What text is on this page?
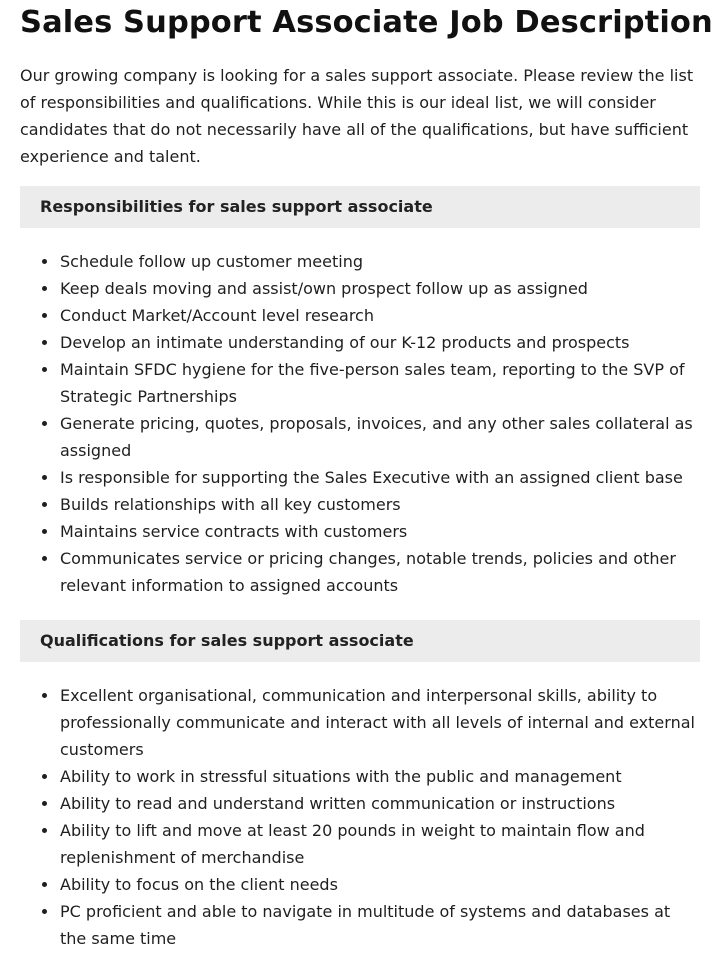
Sales Support Associate Job Description

Our growing company is looking for a sales support associate. Please review the list of responsibilities and qualifications. While this is our ideal list, we will consider candidates that do not necessarily have all of the qualifications, but have sufficient experience and talent.

Responsibilities for sales support associate
Schedule follow up customer meeting
Keep deals moving and assist/own prospect follow up as assigned
Conduct Market/Account level research
Develop an intimate understanding of our K-12 products and prospects
Maintain SFDC hygiene for the five-person sales team, reporting to the SVP of Strategic Partnerships
Generate pricing, quotes, proposals, invoices, and any other sales collateral as assigned
Is responsible for supporting the Sales Executive with an assigned client base
Builds relationships with all key customers
Maintains service contracts with customers
Communicates service or pricing changes, notable trends, policies and other relevant information to assigned accounts
Qualifications for sales support associate
Excellent organisational, communication and interpersonal skills, ability to professionally communicate and interact with all levels of internal and external customers
Ability to work in stressful situations with the public and management
Ability to read and understand written communication or instructions
Ability to lift and move at least 20 pounds in weight to maintain flow and replenishment of merchandise
Ability to focus on the client needs
PC proficient and able to navigate in multitude of systems and databases at the same time
